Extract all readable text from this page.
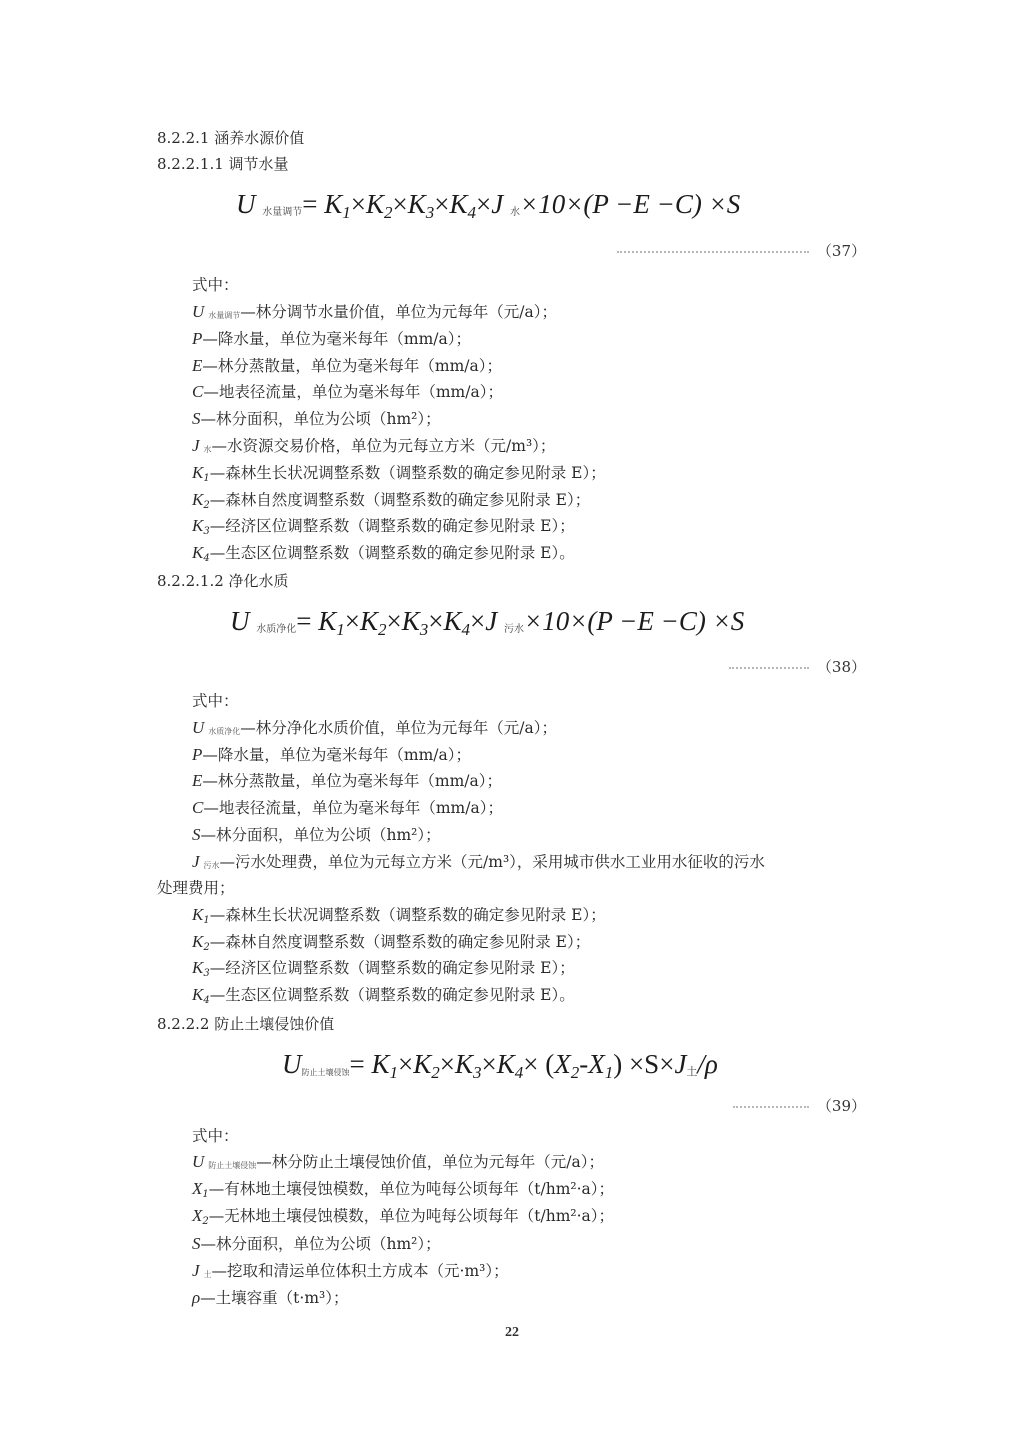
8.2.2.1 涵养水源价值
8.2.2.1.1 调节水量
U 水量调节= $K_1\times K_2\times K_3\times K_4\times J$ 水×10×(P −E −C) ×S
（37）
式中：
U水量调节—林分调节水量价值，单位为元每年（元/a）；
P—降水量，单位为毫米每年（mm/a）；
E—林分蒸散量，单位为毫米每年（mm/a）；
C—地表径流量，单位为毫米每年（mm/a）；
S—林分面积，单位为公顷（hm²）；
J水—水资源交易价格，单位为元每立方米（元/m³）；
K1—森林生长状况调整系数（调整系数的确定参见附录 E）；
K2—森林自然度调整系数（调整系数的确定参见附录 E）；
K3—经济区位调整系数（调整系数的确定参见附录 E）；
K4—生态区位调整系数（调整系数的确定参见附录 E）。
8.2.2.1.2 净化水质
U 水质净化= $K_1\times K_2\times K_3\times K_4\times J$ 污水×10×(P −E −C) ×S
（38）
式中：
U水质净化—林分净化水质价值，单位为元每年（元/a）；
P—降水量，单位为毫米每年（mm/a）；
E—林分蒸散量，单位为毫米每年（mm/a）；
C—地表径流量，单位为毫米每年（mm/a）；
S—林分面积，单位为公顷（hm²）；
J污水—污水处理费，单位为元每立方米（元/m³），采用城市供水工业用水征收的污水
处理费用；
K1—森林生长状况调整系数（调整系数的确定参见附录 E）；
K2—森林自然度调整系数（调整系数的确定参见附录 E）；
K3—经济区位调整系数（调整系数的确定参见附录 E）；
K4—生态区位调整系数（调整系数的确定参见附录 E）。
8.2.2.2 防止土壤侵蚀价值
U防止土壤侵蚀= $K_1\times K_2\times K_3\times K_4\times (X_2-X_1) \times S\times J_土/\rho$
（39）
式中：
U防止土壤侵蚀—林分防止土壤侵蚀价值，单位为元每年（元/a）；
X1—有林地土壤侵蚀模数，单位为吨每公顷每年（t/hm²·a）；
X2—无林地土壤侵蚀模数，单位为吨每公顷每年（t/hm²·a）；
S—林分面积，单位为公顷（hm²）；
J土—挖取和清运单位体积土方成本（元·m³）；
ρ—土壤容重（t·m³）；
22
